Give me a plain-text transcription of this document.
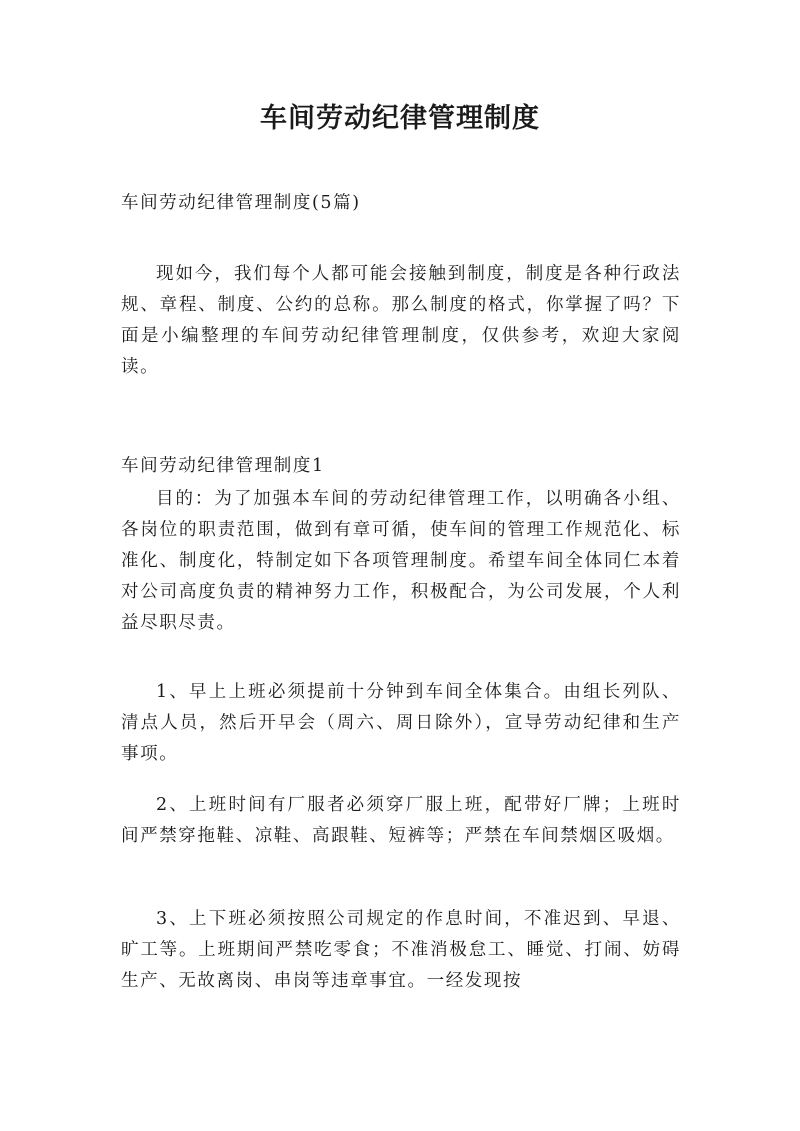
车间劳动纪律管理制度

车间劳动纪律管理制度(5篇)

现如今，我们每个人都可能会接触到制度，制度是各种行政法规、章程、制度、公约的总称。那么制度的格式，你掌握了吗？下面是小编整理的车间劳动纪律管理制度，仅供参考，欢迎大家阅读。

车间劳动纪律管理制度1

目的：为了加强本车间的劳动纪律管理工作，以明确各小组、各岗位的职责范围，做到有章可循，使车间的管理工作规范化、标准化、制度化，特制定如下各项管理制度。希望车间全体同仁本着对公司高度负责的精神努力工作，积极配合，为公司发展，个人利益尽职尽责。

1、早上上班必须提前十分钟到车间全体集合。由组长列队、清点人员，然后开早会（周六、周日除外），宣导劳动纪律和生产事项。

2、上班时间有厂服者必须穿厂服上班，配带好厂牌；上班时间严禁穿拖鞋、凉鞋、高跟鞋、短裤等；严禁在车间禁烟区吸烟。

3、上下班必须按照公司规定的作息时间，不准迟到、早退、旷工等。上班期间严禁吃零食；不准消极怠工、睡觉、打闹、妨碍生产、无故离岗、串岗等违章事宜。一经发现按
